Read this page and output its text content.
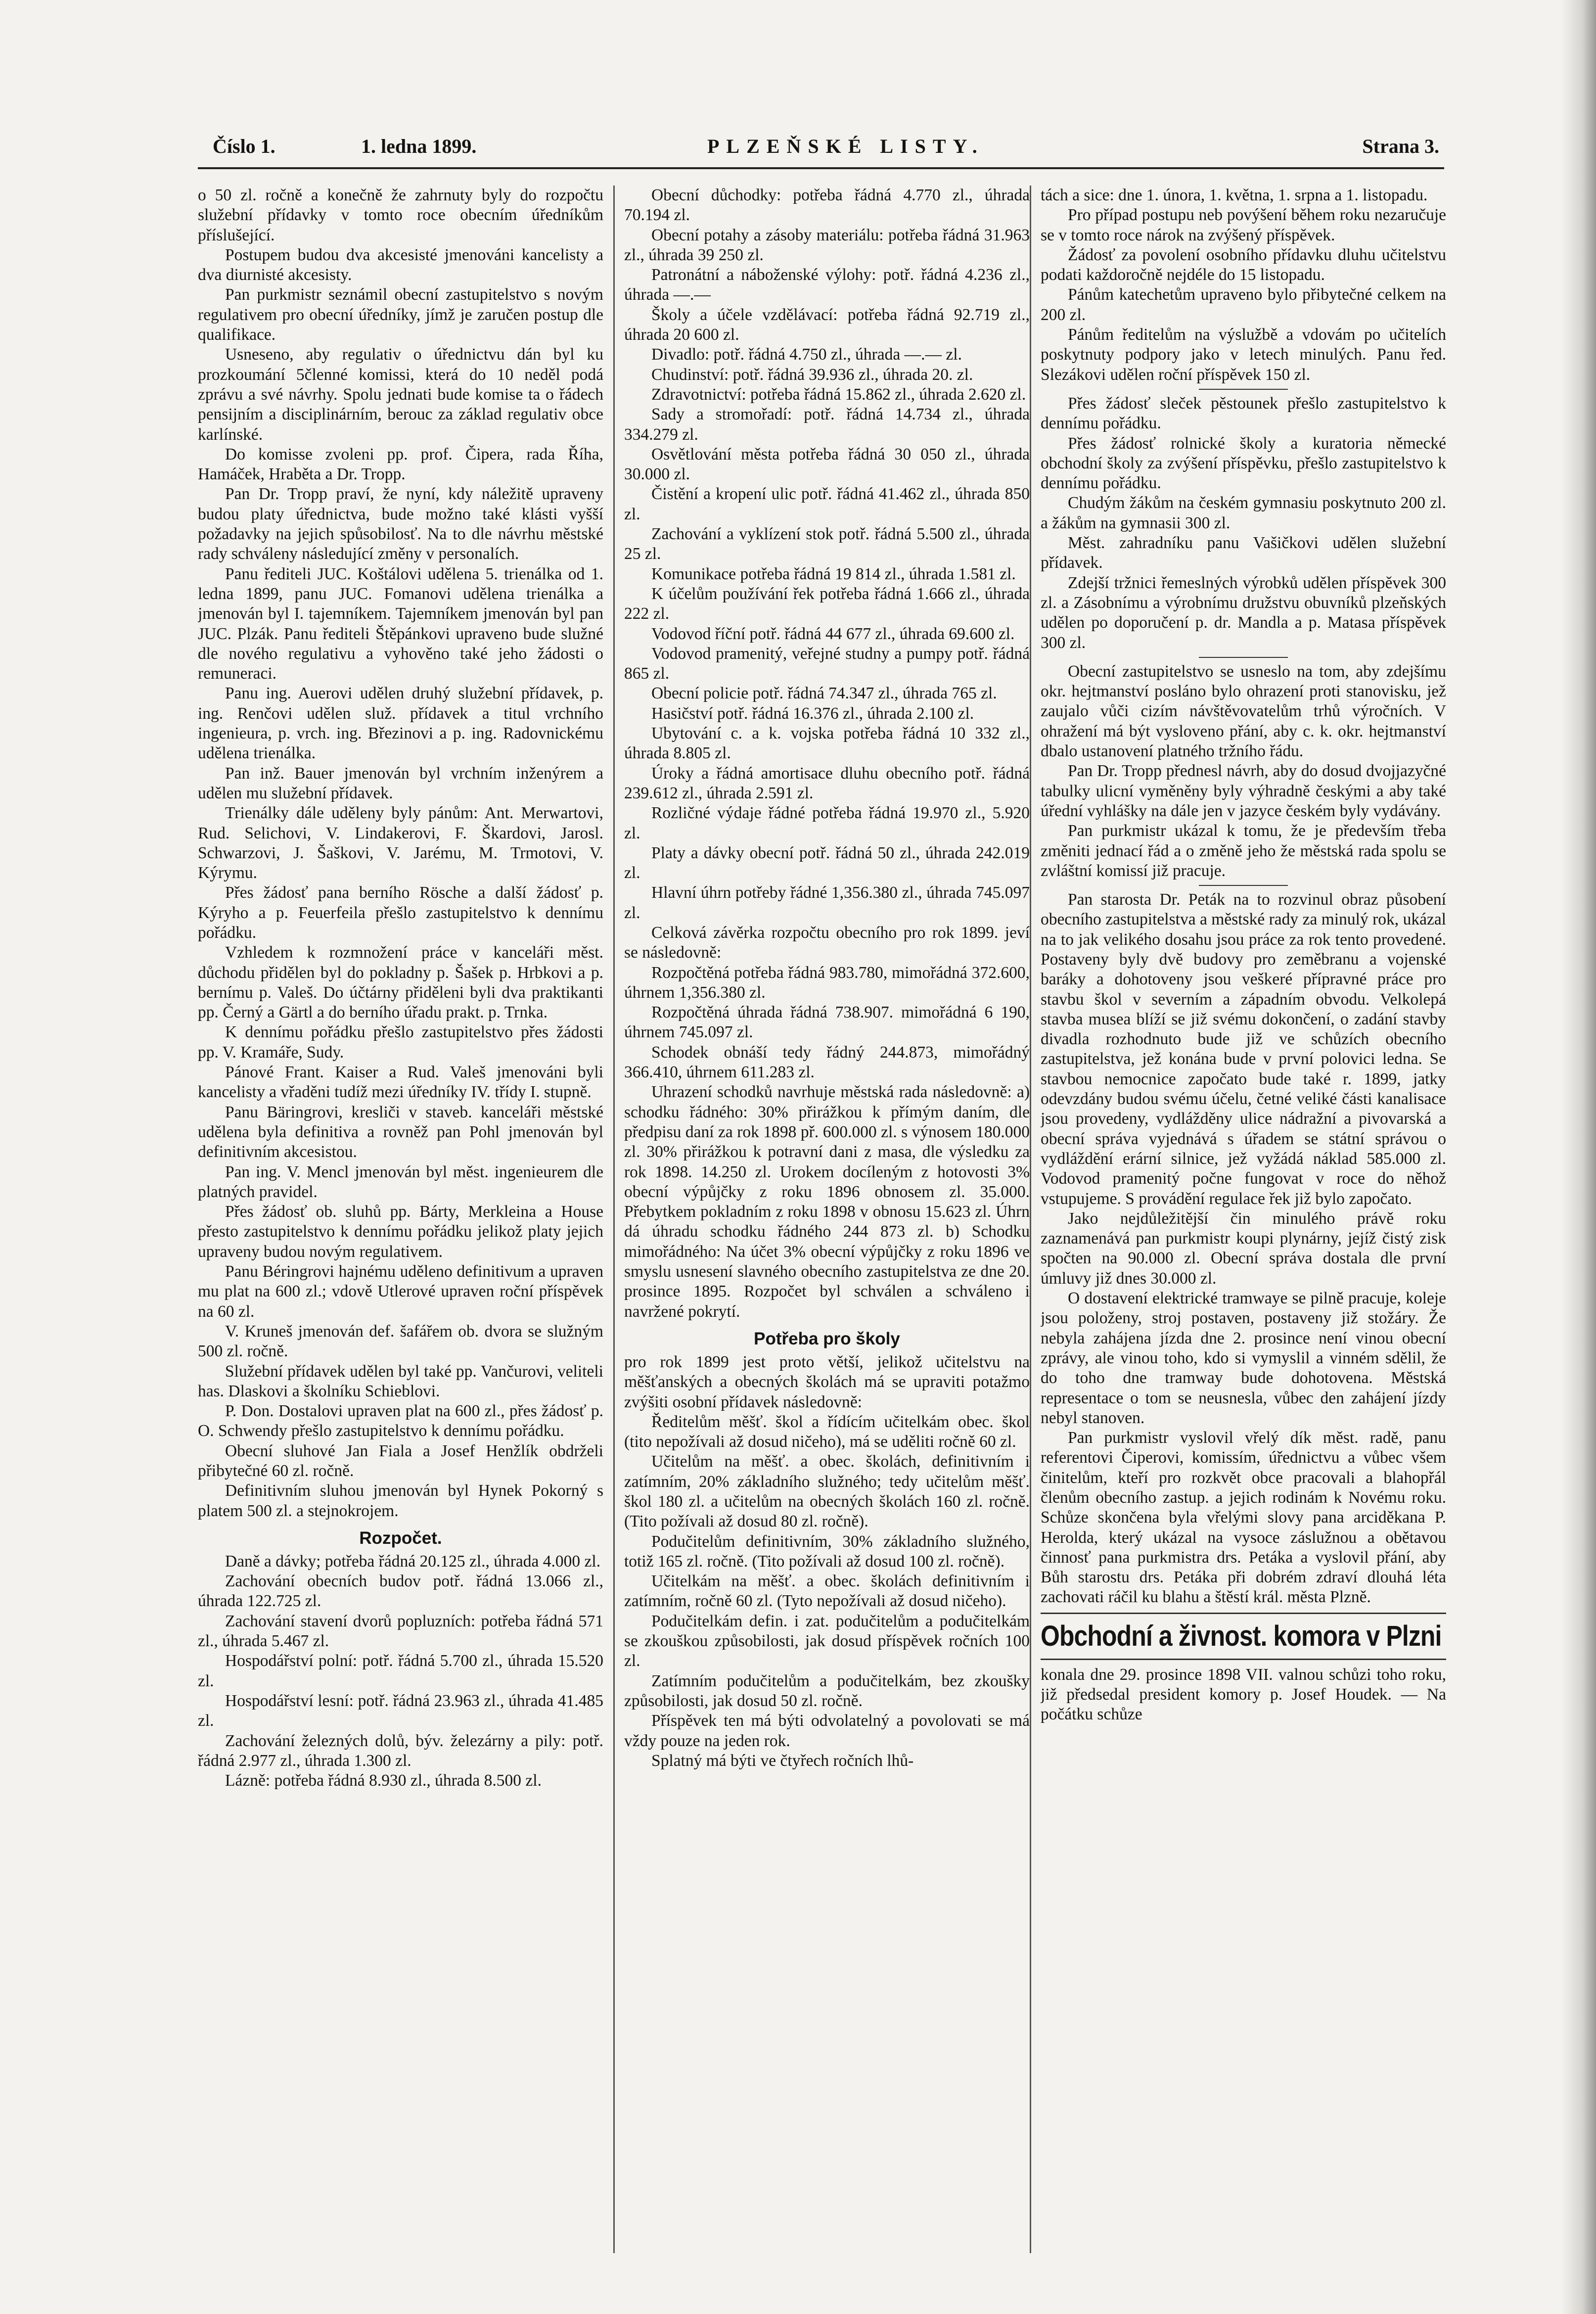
Číslo 1.	1. ledna 1899.	PLZEŇSKÉ LISTY.	Strana 3.

o 50 zl. ročně a konečně že zahrnuty byly do rozpočtu služební přídavky v tomto roce obecním úředníkům příslušející.

Postupem budou dva akcesisté jmenováni kancelisty a dva diurnisté akcesisty.

Pan purkmistr seznámil obecní zastupitelstvo s novým regulativem pro obecní úředníky, jímž je zaručen postup dle qualifikace.

Usneseno, aby regulativ o úřednictvu dán byl ku prozkoumání 5členné komissi, která do 10 neděl podá zprávu a své návrhy. Spolu jednati bude komise ta o řádech pensijním a disciplinárním, berouc za základ regulativ obce karlínské.

Do komisse zvoleni pp. prof. Čipera, rada Říha, Hamáček, Hraběta a Dr. Tropp.

Pan Dr. Tropp praví, že nyní, kdy náležitě upraveny budou platy úřednictva, bude možno také klásti vyšší požadavky na jejich spůsobilosť. Na to dle návrhu městské rady schváleny následující změny v personalích.

Panu řediteli JUC. Koštálovi udělena 5. trienálka od 1. ledna 1899, panu JUC. Fomanovi udělena trienálka a jmenován byl I. tajemníkem. Tajemníkem jmenován byl pan JUC. Plzák. Panu řediteli Štěpánkovi upraveno bude služné dle nového regulativu a vyhověno také jeho žádosti o remuneraci.

Panu ing. Auerovi udělen druhý služební přídavek, p. ing. Renčovi udělen služ. přídavek a titul vrchního ingenieura, p. vrch. ing. Březinovi a p. ing. Radovnickému udělena trienálka.

Pan inž. Bauer jmenován byl vrchním inženýrem a udělen mu služební přídavek.

Trienálky dále uděleny byly pánům: Ant. Merwartovi, Rud. Selichovi, V. Lindakerovi, F. Škardovi, Jarosl. Schwarzovi, J. Šaškovi, V. Jarému, M. Trmotovi, V. Kýrymu.

Přes žádosť pana berního Rösche a další žádosť p. Kýryho a p. Feuerfeila přešlo zastupitelstvo k dennímu pořádku.

Vzhledem k rozmnožení práce v kanceláři měst. důchodu přidělen byl do pokladny p. Šašek p. Hrbkovi a p. bernímu p. Valeš. Do účtárny přiděleni byli dva praktikanti pp. Černý a Gärtl a do berního úřadu prakt. p. Trnka.

K dennímu pořádku přešlo zastupitelstvo přes žádosti pp. V. Kramáře, Sudy.

Pánové Frant. Kaiser a Rud. Valeš jmenováni byli kancelisty a vřaděni tudíž mezi úředníky IV. třídy I. stupně.

Panu Bäringrovi, kresliči v staveb. kanceláři městské udělena byla definitiva a rovněž pan Pohl jmenován byl definitivním akcesistou.

Pan ing. V. Mencl jmenován byl měst. ingenieurem dle platných pravidel.

Přes žádosť ob. sluhů pp. Bárty, Merkleina a House přesto zastupitelstvo k dennímu pořádku jelikož platy jejich upraveny budou novým regulativem.

Panu Béringrovi hajnému uděleno definitivum a upraven mu plat na 600 zl.; vdově Utlerové upraven roční příspěvek na 60 zl.

V. Kruneš jmenován def. šafářem ob. dvora se služným 500 zl. ročně.

Služební přídavek udělen byl také pp. Vančurovi, veliteli has. Dlaskovi a školníku Schieblovi.

P. Don. Dostalovi upraven plat na 600 zl., přes žádosť p. O. Schwendy přešlo zastupitelstvo k dennímu pořádku.

Obecní sluhové Jan Fiala a Josef Henžlík obdrželi přibytečné 60 zl. ročně.

Definitivním sluhou jmenován byl Hynek Pokorný s platem 500 zl. a stejnokrojem.

Rozpočet.

Daně a dávky; potřeba řádná 20.125 zl., úhrada 4.000 zl.

Zachování obecních budov potř. řádná 13.066 zl., úhrada 122.725 zl.

Zachování stavení dvorů popluzních: potřeba řádná 571 zl., úhrada 5.467 zl.

Hospodářství polní: potř. řádná 5.700 zl., úhrada 15.520 zl.

Hospodářství lesní: potř. řádná 23.963 zl., úhrada 41.485 zl.

Zachování železných dolů, býv. železárny a pily: potř. řádná 2.977 zl., úhrada 1.300 zl.

Lázně: potřeba řádná 8.930 zl., úhrada 8.500 zl.

Obecní důchodky: potřeba řádná 4.770 zl., úhrada 70.194 zl.

Obecní potahy a zásoby materiálu: potřeba řádná 31.963 zl., úhrada 39 250 zl.

Patronátní a náboženské výlohy: potř. řádná 4.236 zl., úhrada —.—

Školy a účele vzdělávací: potřeba řádná 92.719 zl., úhrada 20 600 zl.

Divadlo: potř. řádná 4.750 zl., úhrada —.— zl.

Chudinství: potř. řádná 39.936 zl., úhrada 20. zl.

Zdravotnictví: potřeba řádná 15.862 zl., úhrada 2.620 zl.

Sady a stromořadí: potř. řádná 14.734 zl., úhrada 334.279 zl.

Osvětlování města potřeba řádná 30 050 zl., úhrada 30.000 zl.

Čistění a kropení ulic potř. řádná 41.462 zl., úhrada 850 zl.

Zachování a vyklízení stok potř. řádná 5.500 zl., úhrada 25 zl.

Komunikace potřeba řádná 19 814 zl., úhrada 1.581 zl.

K účelům používání řek potřeba řádná 1.666 zl., úhrada 222 zl.

Vodovod říční potř. řádná 44 677 zl., úhrada 69.600 zl.

Vodovod pramenitý, veřejné studny a pumpy potř. řádná 865 zl.

Obecní policie potř. řádná 74.347 zl., úhrada 765 zl.

Hasičství potř. řádná 16.376 zl., úhrada 2.100 zl.

Ubytování c. a k. vojska potřeba řádná 10 332 zl., úhrada 8.805 zl.

Úroky a řádná amortisace dluhu obecního potř. řádná 239.612 zl., úhrada 2.591 zl.

Rozličné výdaje řádné potřeba řádná 19.970 zl., 5.920 zl.

Platy a dávky obecní potř. řádná 50 zl., úhrada 242.019 zl.

Hlavní úhrn potřeby řádné 1,356.380 zl., úhrada 745.097 zl.

Celková závěrka rozpočtu obecního pro rok 1899. jeví se následovně:

Rozpočtěná potřeba řádná 983.780, mimořádná 372.600, úhrnem 1,356.380 zl.

Rozpočtěná úhrada řádná 738.907. mimořádná 6 190, úhrnem 745.097 zl.

Schodek obnáší tedy řádný 244.873, mimořádný 366.410, úhrnem 611.283 zl.

Uhrazení schodků navrhuje městská rada následovně: a) schodku řádného: 30% přirážkou k přímým daním, dle předpisu daní za rok 1898 př. 600.000 zl. s výnosem 180.000 zl. 30% přirážkou k potravní dani z masa, dle výsledku za rok 1898. 14.250 zl. Urokem docíleným z hotovosti 3% obecní výpůjčky z roku 1896 obnosem zl. 35.000. Přebytkem pokladním z roku 1898 v obnosu 15.623 zl. Úhrn dá úhradu schodku řádného 244 873 zl. b) Schodku mimořádného: Na účet 3% obecní výpůjčky z roku 1896 ve smyslu usnesení slavného obecního zastupitelstva ze dne 20. prosince 1895. Rozpočet byl schválen a schváleno i navržené pokrytí.

Potřeba pro školy

pro rok 1899 jest proto větší, jelikož učitelstvu na měšťanských a obecných školách má se upraviti potažmo zvýšiti osobní přídavek následovně:

Ředitelům měšť. škol a řídícím učitelkám obec. škol (tito nepožívali až dosud ničeho), má se uděliti ročně 60 zl.

Učitelům na měšť. a obec. školách, definitivním i zatímním, 20% základního služného; tedy učitelům měšť. škol 180 zl. a učitelům na obecných školách 160 zl. ročně. (Tito požívali až dosud 80 zl. ročně).

Podučitelům definitivním, 30% základního služného, totiž 165 zl. ročně. (Tito požívali až dosud 100 zl. ročně).

Učitelkám na měšť. a obec. školách definitivním i zatímním, ročně 60 zl. (Tyto nepožívali až dosud ničeho).

Podučitelkám defin. i zat. podučitelům a podučitelkám se zkouškou způsobilosti, jak dosud příspěvek ročních 100 zl.

Zatímním podučitelům a podučitelkám, bez zkoušky způsobilosti, jak dosud 50 zl. ročně.

Příspěvek ten má býti odvolatelný a povolovati se má vždy pouze na jeden rok.

Splatný má býti ve čtyřech ročních lhů-

tách a sice: dne 1. února, 1. května, 1. srpna a 1. listopadu.

Pro případ postupu neb povýšení během roku nezaručuje se v tomto roce nárok na zvýšený příspěvek.

Žádosť za povolení osobního přídavku dluhu učitelstvu podati každoročně nejdéle do 15 listopadu.

Pánům katechetům upraveno bylo přibytečné celkem na 200 zl.

Pánům ředitelům na výslužbě a vdovám po učitelích poskytnuty podpory jako v letech minulých. Panu řed. Slezákovi udělen roční příspěvek 150 zl.

Přes žádosť sleček pěstounek přešlo zastupitelstvo k dennímu pořádku.

Přes žádosť rolnické školy a kuratoria německé obchodní školy za zvýšení příspěvku, přešlo zastupitelstvo k dennímu pořádku.

Chudým žákům na českém gymnasiu poskytnuto 200 zl. a žákům na gymnasii 300 zl.

Měst. zahradníku panu Vašičkovi udělen služební přídavek.

Zdejší tržnici řemeslných výrobků udělen příspěvek 300 zl. a Zásobnímu a výrobnímu družstvu obuvníků plzeňských udělen po doporučení p. dr. Mandla a p. Matasa příspěvek 300 zl.

Obecní zastupitelstvo se usneslo na tom, aby zdejšímu okr. hejtmanství posláno bylo ohrazení proti stanovisku, jež zaujalo vůči cizím návštěvovatelům trhů výročních. V ohražení má být vysloveno přání, aby c. k. okr. hejtmanství dbalo ustanovení platného tržního řádu.

Pan Dr. Tropp přednesl návrh, aby do dosud dvojjazyčné tabulky ulicní vyměněny byly výhradně českými a aby také úřední vyhlášky na dále jen v jazyce českém byly vydávány.

Pan purkmistr ukázal k tomu, že je především třeba změniti jednací řád a o změně jeho že městská rada spolu se zvláštní komissí již pracuje.

Pan starosta Dr. Peták na to rozvinul obraz působení obecního zastupitelstva a městské rady za minulý rok, ukázal na to jak velikého dosahu jsou práce za rok tento provedené. Postaveny byly dvě budovy pro zeměbranu a vojenské baráky a dohotoveny jsou veškeré přípravné práce pro stavbu škol v severním a západním obvodu. Velkolepá stavba musea blíží se již svému dokončení, o zadání stavby divadla rozhodnuto bude již ve schůzích obecního zastupitelstva, jež konána bude v první polovici ledna. Se stavbou nemocnice započato bude také r. 1899, jatky odevzdány budou svému účelu, četné veliké části kanalisace jsou provedeny, vydlážděny ulice nádražní a pivovarská a obecní správa vyjednává s úřadem se státní správou o vydláždění erární silnice, jež vyžádá náklad 585.000 zl. Vodovod pramenitý počne fungovat v roce do něhož vstupujeme. S provádění regulace řek již bylo započato.

Jako nejdůležitější čin minulého právě roku zaznamenává pan purkmistr koupi plynárny, jejíž čistý zisk spočten na 90.000 zl. Obecní správa dostala dle první úmluvy již dnes 30.000 zl.

O dostavení elektrické tramwaye se pilně pracuje, koleje jsou položeny, stroj postaven, postaveny již stožáry. Že nebyla zahájena jízda dne 2. prosince není vinou obecní zprávy, ale vinou toho, kdo si vymyslil a vinném sdělil, že do toho dne tramway bude dohotovena. Městská representace o tom se neusnesla, vůbec den zahájení jízdy nebyl stanoven.

Pan purkmistr vyslovil vřelý dík měst. radě, panu referentovi Čiperovi, komissím, úřednictvu a vůbec všem činitelům, kteří pro rozkvět obce pracovali a blahopřál členům obecního zastup. a jejich rodinám k Novému roku. Schůze skončena byla vřelými slovy pana arciděkana P. Herolda, který ukázal na vysoce záslužnou a obětavou činnosť pana purkmistra drs. Petáka a vyslovil přání, aby Bůh starostu drs. Petáka při dobrém zdraví dlouhá léta zachovati ráčil ku blahu a štěstí král. města Plzně.

Obchodní a živnost. komora v Plzni

konala dne 29. prosince 1898 VII. valnou schůzi toho roku, již předsedal president komory p. Josef Houdek. — Na počátku schůze
